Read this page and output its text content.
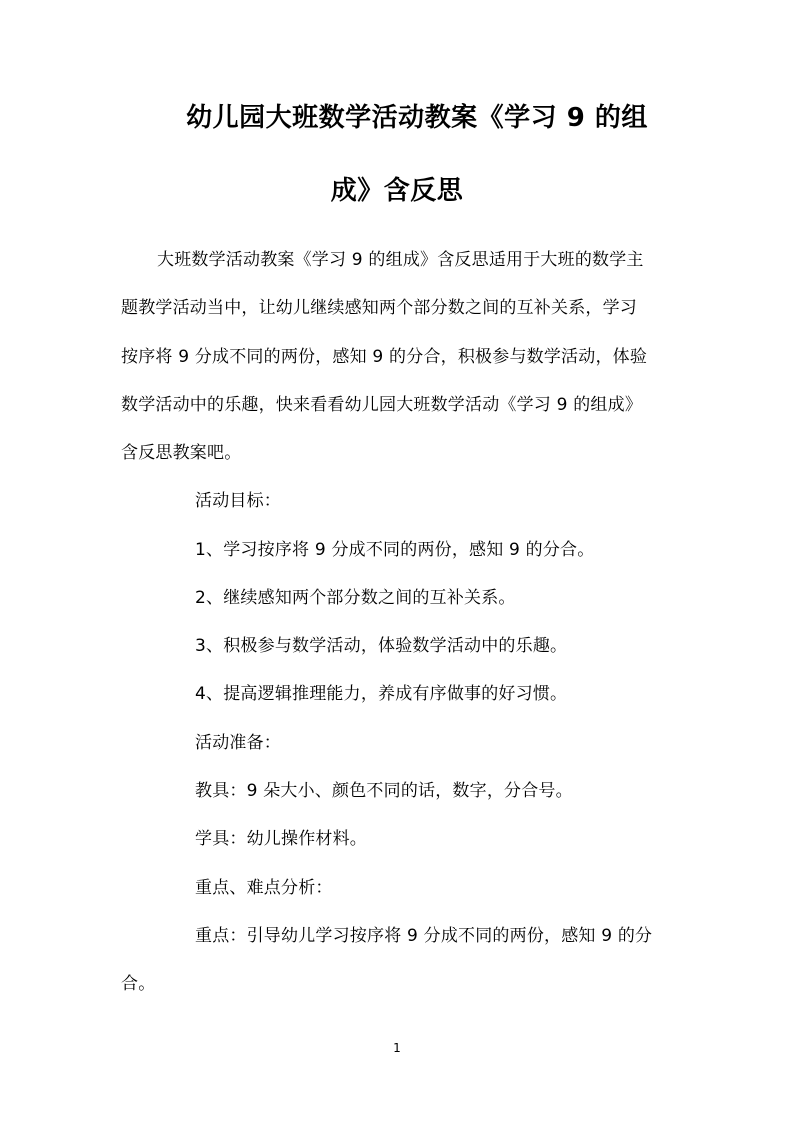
幼儿园大班数学活动教案《学习 9 的组
成》含反思
大班数学活动教案《学习 9 的组成》含反思适用于大班的数学主
题教学活动当中，让幼儿继续感知两个部分数之间的互补关系，学习
按序将 9 分成不同的两份，感知 9 的分合，积极参与数学活动，体验
数学活动中的乐趣，快来看看幼儿园大班数学活动《学习 9 的组成》
含反思教案吧。
活动目标：
1、学习按序将 9 分成不同的两份，感知 9 的分合。
2、继续感知两个部分数之间的互补关系。
3、积极参与数学活动，体验数学活动中的乐趣。
4、提高逻辑推理能力，养成有序做事的好习惯。
活动准备：
教具：9 朵大小、颜色不同的话，数字，分合号。
学具：幼儿操作材料。
重点、难点分析：
重点：引导幼儿学习按序将 9 分成不同的两份，感知 9 的分
合。
1
